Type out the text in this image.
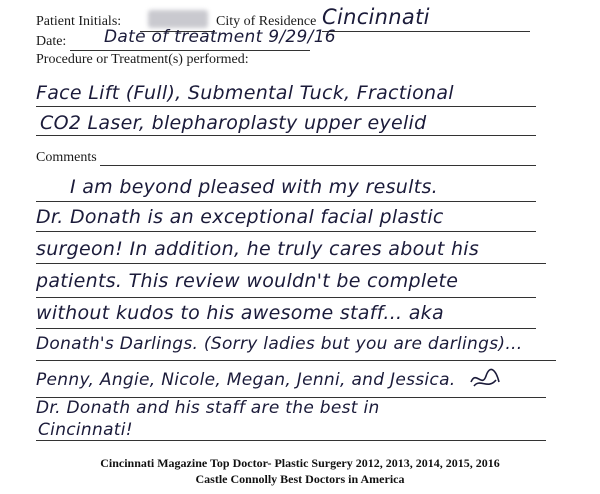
Patient Initials:	City of Residence Cincinnati
Date: Date of treatment 9/29/16
Procedure or Treatment(s) performed:
Face Lift (Full), Submental Tuck, Fractional
CO2 Laser, blepharoplasty upper eyelid
Comments
I am beyond pleased with my results.
Dr. Donath is an exceptional facial plastic
surgeon! In addition, he truly cares about his
patients. This review wouldn't be complete
without kudos to his awesome staff... aka
Donath's Darlings. (Sorry ladies but you are darlings)...
Penny, Angie, Nicole, Megan, Jenni, and Jessica.
Dr. Donath and his staff are the best in
Cincinnati!
Cincinnati Magazine Top Doctor- Plastic Surgery 2012, 2013, 2014, 2015, 2016
Castle Connolly Best Doctors in America
